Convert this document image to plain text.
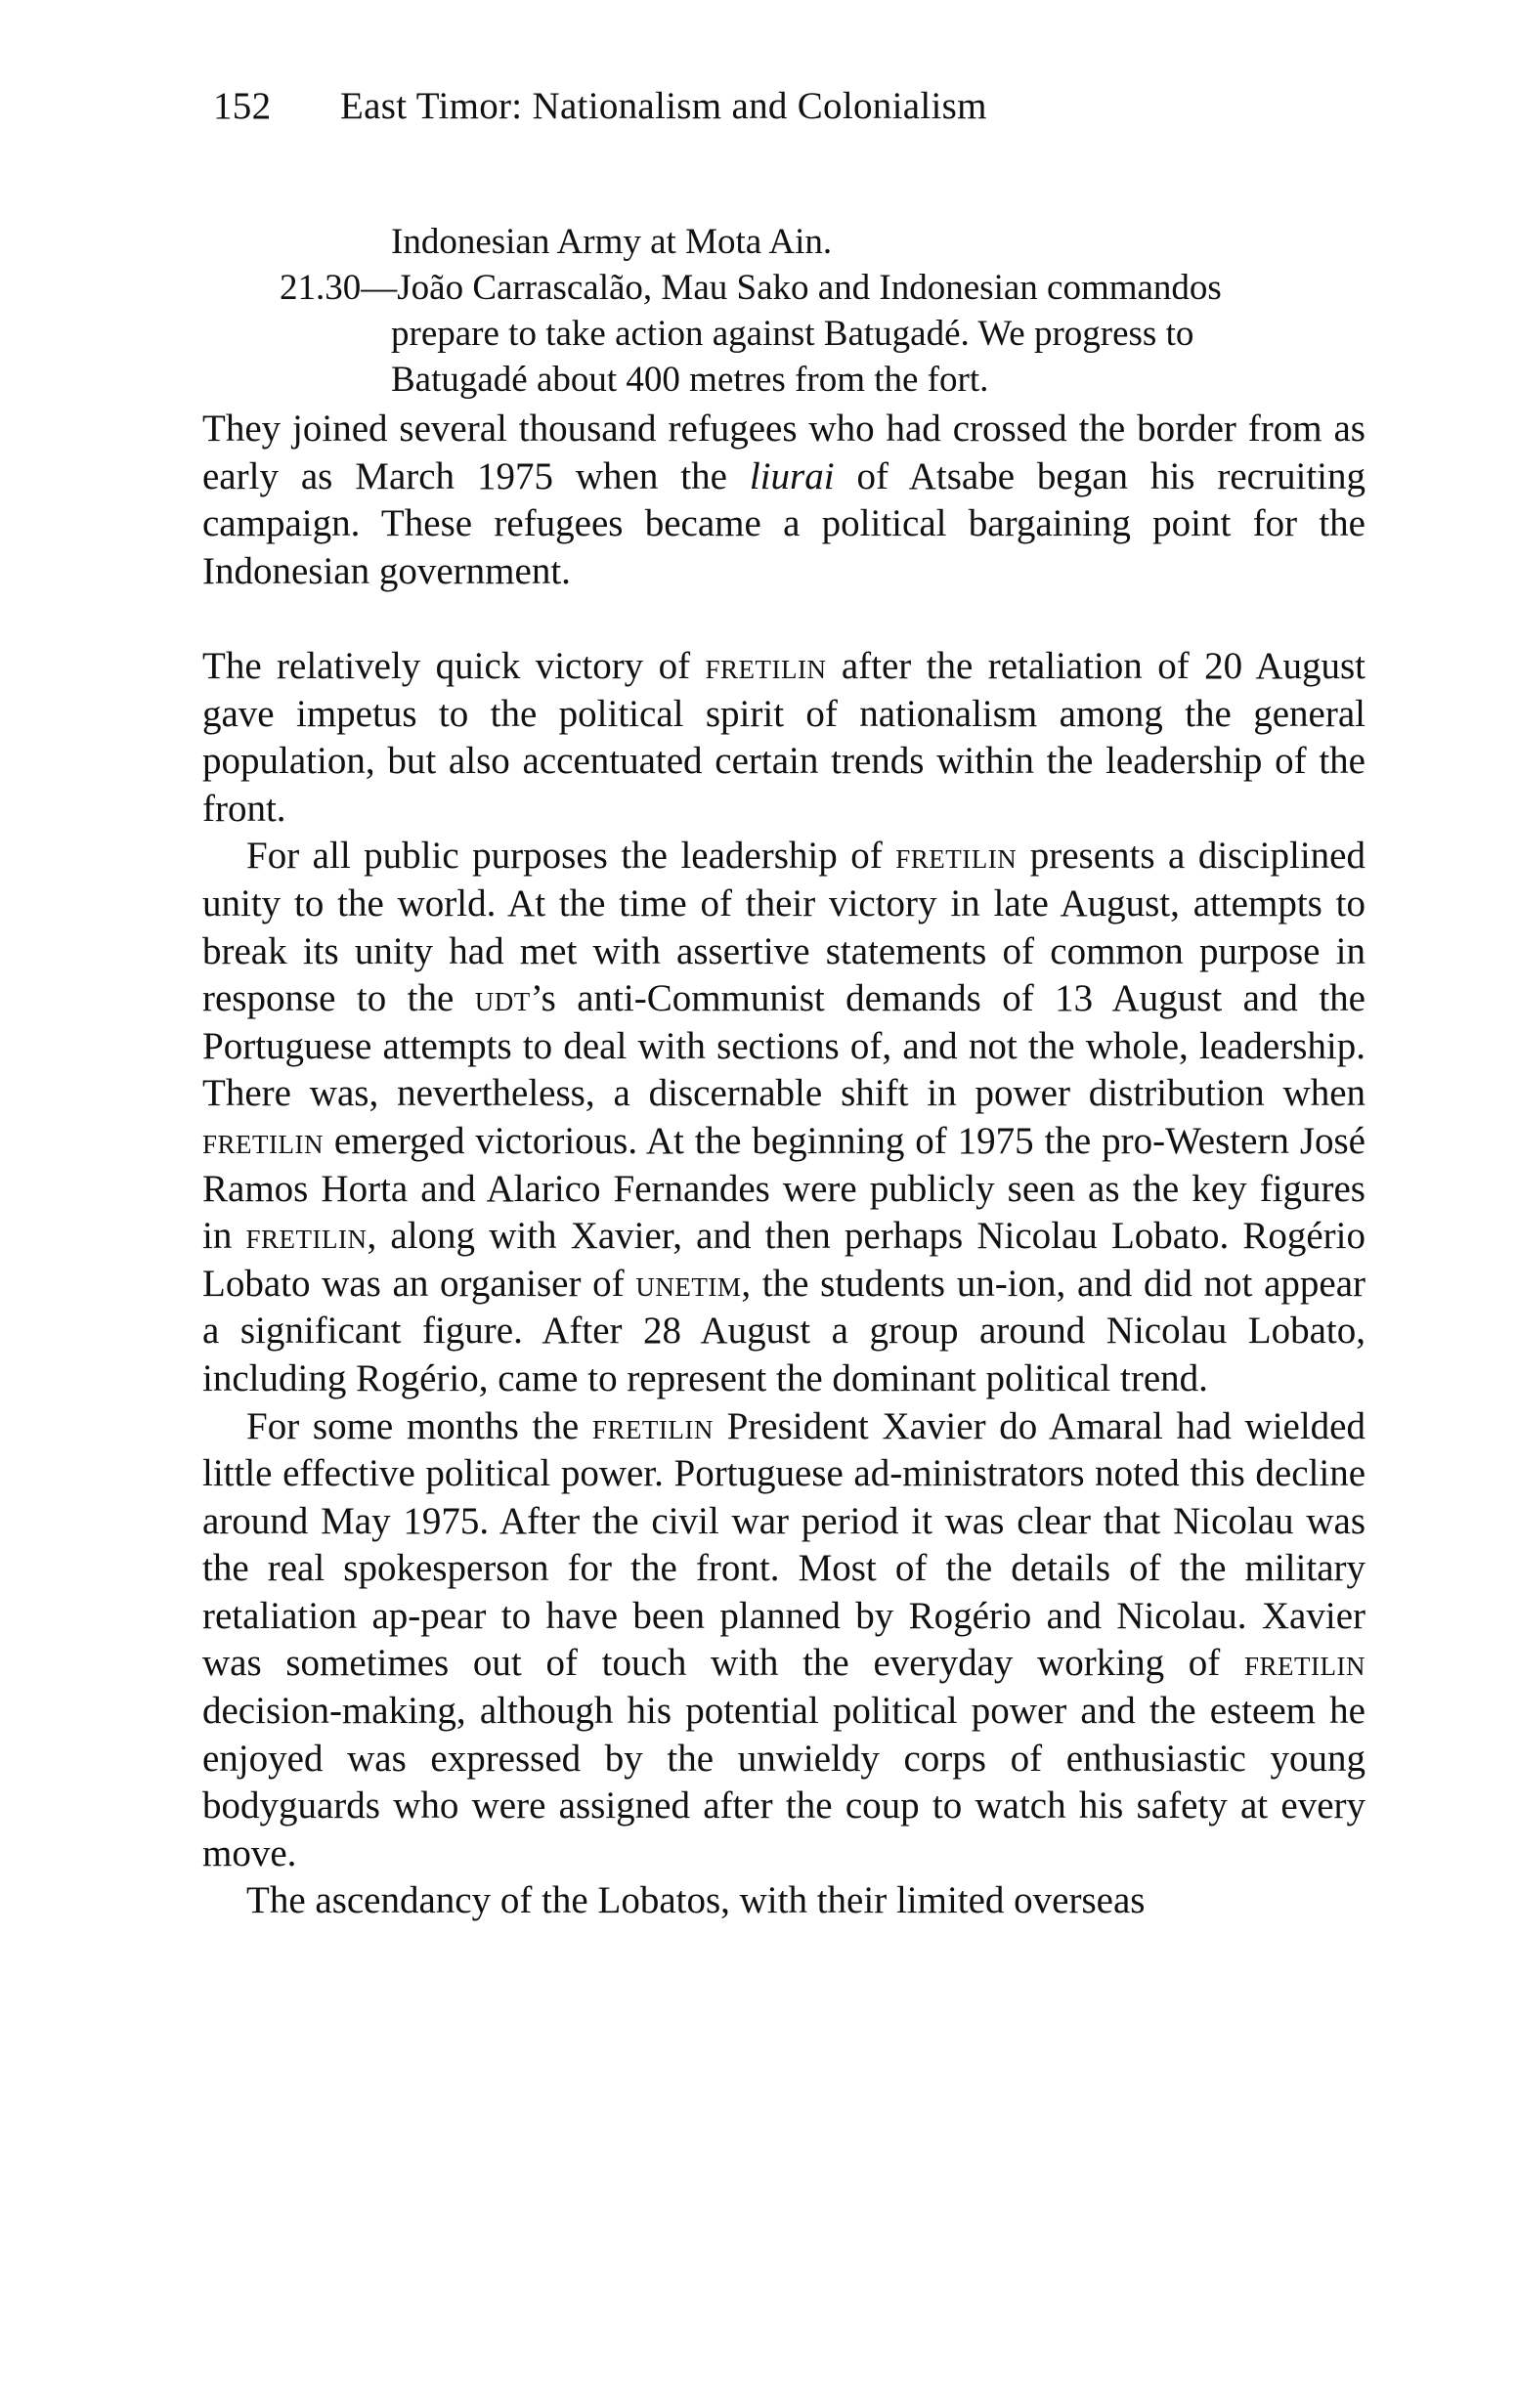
152 East Timor: Nationalism and Colonialism

Indonesian Army at Mota Ain.

21.30—João Carrascalão, Mau Sako and Indonesian commandos prepare to take action against Batugadé. We progress to Batugadé about 400 metres from the fort.

They joined several thousand refugees who had crossed the border from as early as March 1975 when the liurai of Atsabe began his recruiting campaign. These refugees became a political bargaining point for the Indonesian government.

The relatively quick victory of fretilin after the retaliation of 20 August gave impetus to the political spirit of nationalism among the general population, but also accentuated certain trends within the leadership of the front.

For all public purposes the leadership of fretilin presents a disciplined unity to the world. At the time of their victory in late August, attempts to break its unity had met with assertive statements of common purpose in response to the udt’s anti-Communist demands of 13 August and the Portuguese attempts to deal with sections of, and not the whole, leadership. There was, nevertheless, a discernable shift in power distribution when fretilin emerged victorious. At the beginning of 1975 the pro-Western José Ramos Horta and Alarico Fernandes were publicly seen as the key figures in fretilin, along with Xavier, and then perhaps Nicolau Lobato. Rogério Lobato was an organiser of unetim, the students un-ion, and did not appear a significant figure. After 28 August a group around Nicolau Lobato, including Rogério, came to represent the dominant political trend.

For some months the fretilin President Xavier do Amaral had wielded little effective political power. Portuguese ad-ministrators noted this decline around May 1975. After the civil war period it was clear that Nicolau was the real spokesperson for the front. Most of the details of the military retaliation ap-pear to have been planned by Rogério and Nicolau. Xavier was sometimes out of touch with the everyday working of fretilin decision-making, although his potential political power and the esteem he enjoyed was expressed by the unwieldy corps of enthusiastic young bodyguards who were assigned after the coup to watch his safety at every move.

The ascendancy of the Lobatos, with their limited overseas
